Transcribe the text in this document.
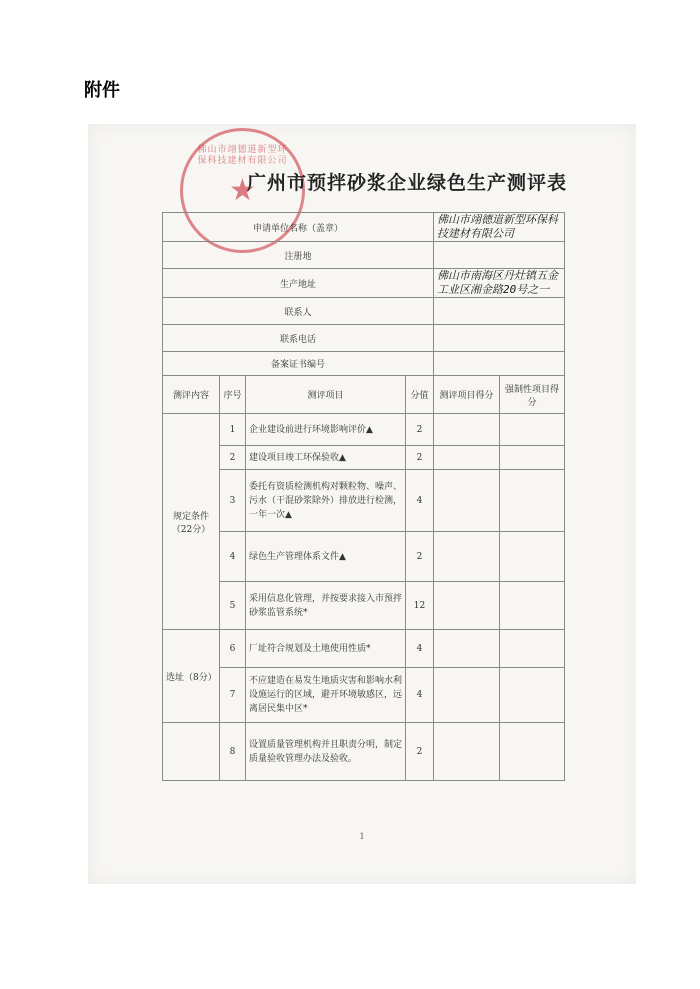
附件
佛山市翊德道新型环保科技建材有限公司
★
广州市预拌砂浆企业绿色生产测评表
申请单位名称（盖章）				佛山市翊德道新型环保科技建材有限公司	
注册地					
生产地址				佛山市南海区丹灶镇五金工业区湘金路20号之一	
联系人					
联系电话					
备案证书编号					
测评内容	序号	测评项目	分值	测评项目得分	强制性项目得分
规定条件（22分）	1	企业建设前进行环境影响评价▲	2		
	2	建设项目竣工环保验收▲	2		
	3	委托有资质检测机构对颗粒物、噪声、污水（干混砂浆除外）排放进行检测，一年一次▲	4		
	4	绿色生产管理体系文件▲	2		
	5	采用信息化管理，并按要求接入市预拌砂浆监管系统*	12		
选址（8分）	6	厂址符合规划及土地使用性质*	4		
	7	不应建造在易发生地质灾害和影响水利设施运行的区域，避开环境敏感区，远离居民集中区*	4		
	8	设置质量管理机构并且职责分明，制定质量验收管理办法及验收。	2		
1
